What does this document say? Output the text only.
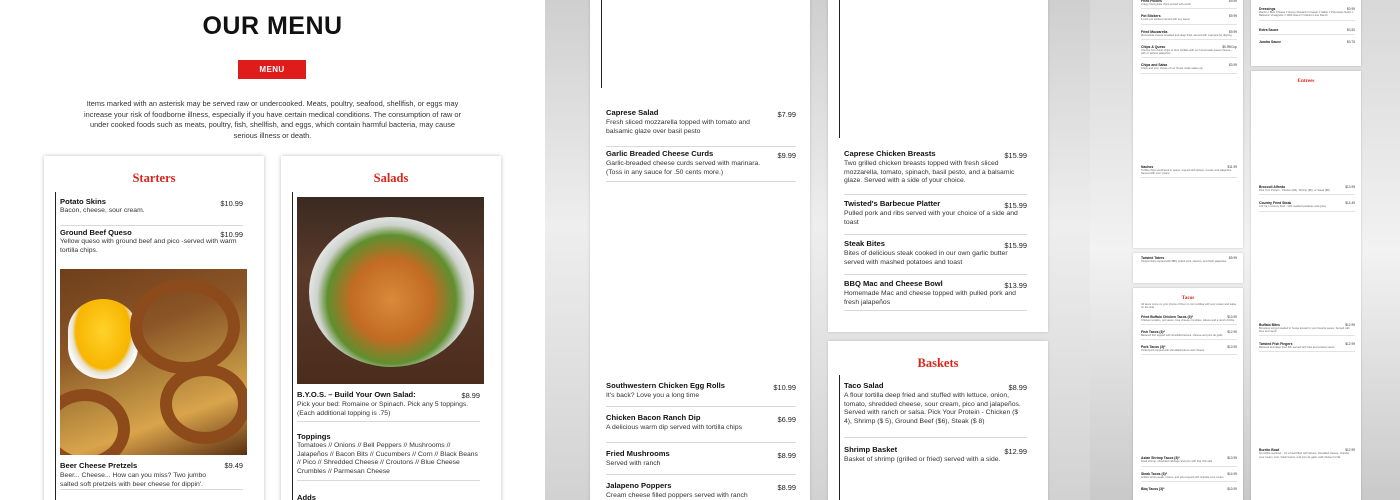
OUR MENU
MENU

Items marked with an asterisk may be served raw or undercooked. Meats, poultry, seafood, shellfish, or eggs may increase your risk of foodborne illness, especially if you have certain medical conditions. The consumption of raw or under cooked foods such as meats, poultry, fish, shellfish, and eggs, which contain harmful bacteria, may cause serious illness or death.

Starters
$10.99
Potato Skins
Bacon, cheese, sour cream.
$10.99
Ground Beef Queso
Yellow queso with ground beef and pico -served with warm tortilla chips.
$9.49
Beer Cheese Pretzels
Beer... Cheese... How can you miss? Two jumbo salted soft pretzels with beer cheese for dippin'.
Salads
$8.99
B.Y.O.S. – Build Your Own Salad:
Pick your bed: Romaine or Spinach. Pick any 5 toppings. (Each additional topping is .75)
Toppings
Tomatoes // Onions // Bell Peppers // Mushrooms // Jalapeños // Bacon Bits // Cucumbers // Corn // Black Beans // Pico // Shredded Cheese // Croutons // Blue Cheese Crumbles // Parmesan Cheese
Adds
$7.99
Caprese Salad
Fresh sliced mozzarella topped with tomato and balsamic glaze over basil pesto
$9.99
Garlic Breaded Cheese Curds
Garlic-breaded cheese curds served with marinara. (Toss in any sauce for .50 cents more.)
$10.99
Southwestern Chicken Egg Rolls
It's back? Love you a long time
$6.99
Chicken Bacon Ranch Dip
A delicious warm dip served with tortilla chips
$8.99
Fried Mushrooms
Served with ranch
$8.99
Jalapeno Poppers
Cream cheese filled poppers served with ranch
$15.99
Caprese Chicken Breasts
Two grilled chicken breasts topped with fresh sliced mozzarella, tomato, spinach, basil pesto, and a balsamic glaze. Served with a side of your choice.
$15.99
Twisted's Barbecue Platter
Pulled pork and ribs served with your choice of a side and toast
$15.99
Steak Bites
Bites of delicious steak cooked in our own garlic butter served with mashed potatoes and toast
$13.99
BBQ Mac and Cheese Bowl
Homemade Mac and cheese topped with pulled pork and fresh jalapeños
Baskets
$8.99
Taco Salad
A flour tortilla deep fried and stuffed with lettuce, onion, tomato, shredded cheese, sour cream, pico and jalapeños. Served with ranch or salsa. Pick Your Protein - Chicken ($ 4), Shrimp ($ 5), Ground Beef ($6), Steak ($ 8)
$12.99
Shrimp Basket
Basket of shrimp (grilled or fried) served with a side.
$9.99
Fried Pickles
Crispy fried pickle chips served with ranch
$9.99
Pot Stickers
6 pork pot stickers served with soy sauce
$9.99
Fried Mozzarella
Mozzarella cheese breaded and deep fried, served with marinara for dipping
$5.99/Cup
Chips & Queso
Choose from fresh chips or flour tortillas with our homemade queso cheese - with or without jalapeños
$3.99
Chips and Salsa
Chips and your choice of our house made salsa cup
$11.99
Nachos
Tortilla chips smothered in queso, topped with lettuce, tomato and jalapeños. Served with sour cream.
$9.99
Twisted Taters
Tsisted chips topped with BBQ pulled pork, cilantro, and fresh jalapeños
Tacos
All tacos come on your choice of flour or corn tortillas with sour cream and salsa on the side.
$10.99
Fried Buffalo Chicken Tacos (3)*
Chicken tenders, red sauce, blue cheese crumbles, lettuce and a ranch drizzle
$12.99
Fish Tacos (3)*
Battered fish topped with shredded lettuce, cheese and pico de gallo
$10.99
Pork Tacos (3)*
Pulled pork topped with shredded lettuce and cheese
$13.99
Asian Shrimp Tacos (3)*
Fried shrimp, shredded cabbage and pico with thai chili aioli
$14.99
Steak Tacos (3)*
Grilled sirloin steak, onions, and pico topped with chipotle sour cream
$10.99
Bbq Tacos (3)*
$0.99
Dressings
Ranch // Bleu Cheese // Honey Mustard // Caesar // Italian // Parmesan Garlic // Balsamic Vinaigrette // 1000 Island // Cilantro Lime Ranch
$0.50
Extra Sauce
$0.75
Jumbo Sauce
Entrees
$13.99
Broccoli Alfredo
Pick Your Protein - Chicken ($4), Shrimp ($5), or Steak ($8)
$14.49
Country Fried Steak
A lil' bit o country fried - with mashed potatoes and gravy
$12.99
Buffalo Bites
Boneless wings breaded in house tossed in your favorite sauce. Served with fries and ranch
$12.99
Twisted Fish Fingers
Battered and deep fried fish served with fries and a tartar sauce
$12.99
Burrito Bowl
No tortilla required... It's a bowl filled with lettuce, shredded cheese, chipotle sour cream, corn, black beans, and pico de gallo. Add chicken for $4
